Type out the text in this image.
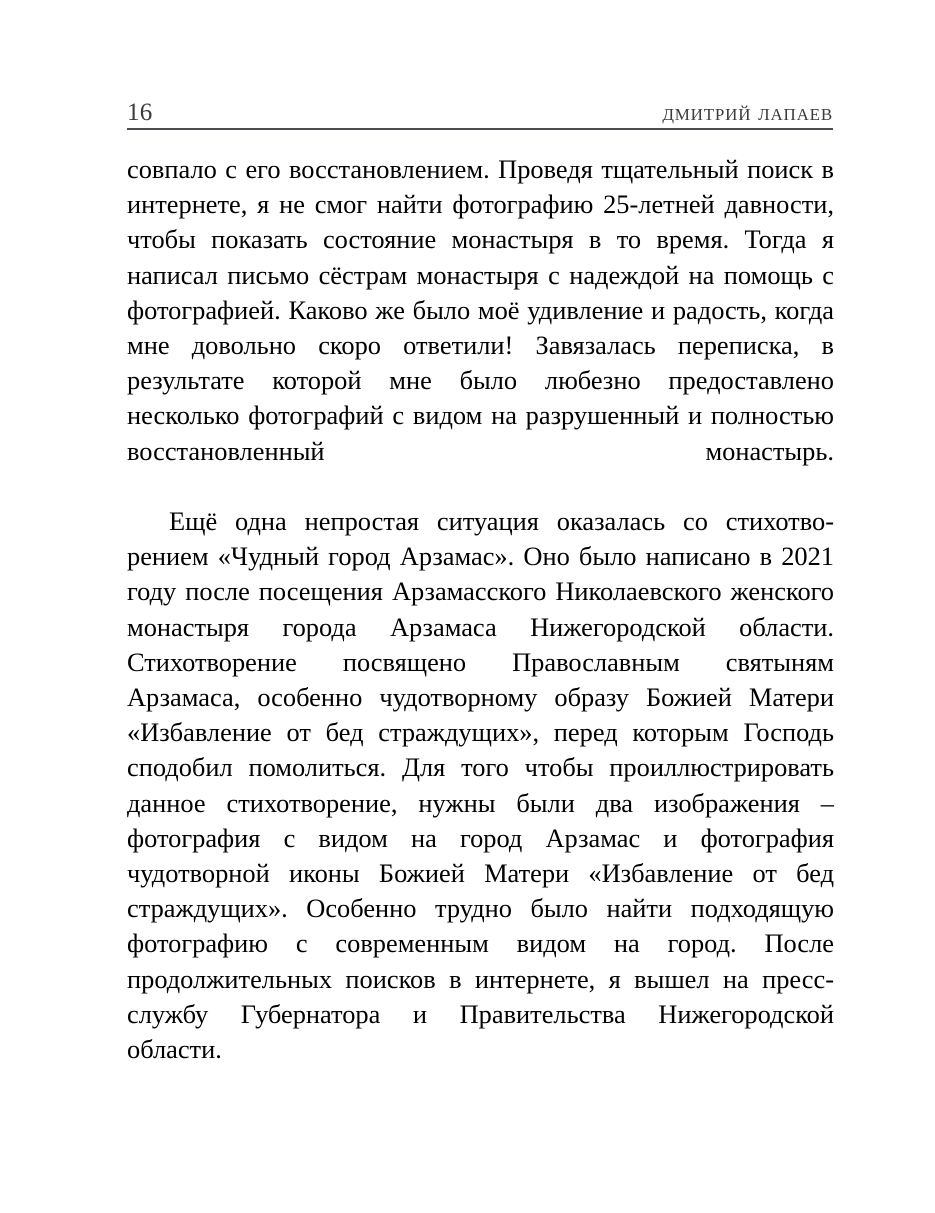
16	дмитрий лапаев

совпало с его восстановлением. Проведя тщательный поиск в интернете, я не смог найти фотографию 25-летней давности, чтобы показать состояние монастыря в то время. Тогда я написал письмо сёстрам монастыря с надеждой на помощь с фотографией. Каково же было моё удивление и радость, когда мне довольно скоро ответили! Завязалась переписка, в результате которой мне было любезно предоставлено несколько фотографий с видом на разрушенный и полностью восстановленный монастырь.

Ещё одна непростая ситуация оказалась со стихотворением «Чудный город Арзамас». Оно было написано в 2021 году после посещения Арзамасского Николаевского женского монастыря города Арзамаса Нижегородской области. Стихотворение посвящено Православным святыням Арзамаса, особенно чудотворному образу Божией Матери «Избавление от бед страждущих», перед которым Господь сподобил помолиться. Для того чтобы проиллюстрировать данное стихотворение, нужны были два изображения – фотография с видом на город Арзамас и фотография чудотворной иконы Божией Матери «Избавление от бед страждущих». Особенно трудно было найти подходящую фотографию с современным видом на город. После продолжительных поисков в интернете, я вышел на пресс-службу Губернатора и Правительства Нижегородской области.
